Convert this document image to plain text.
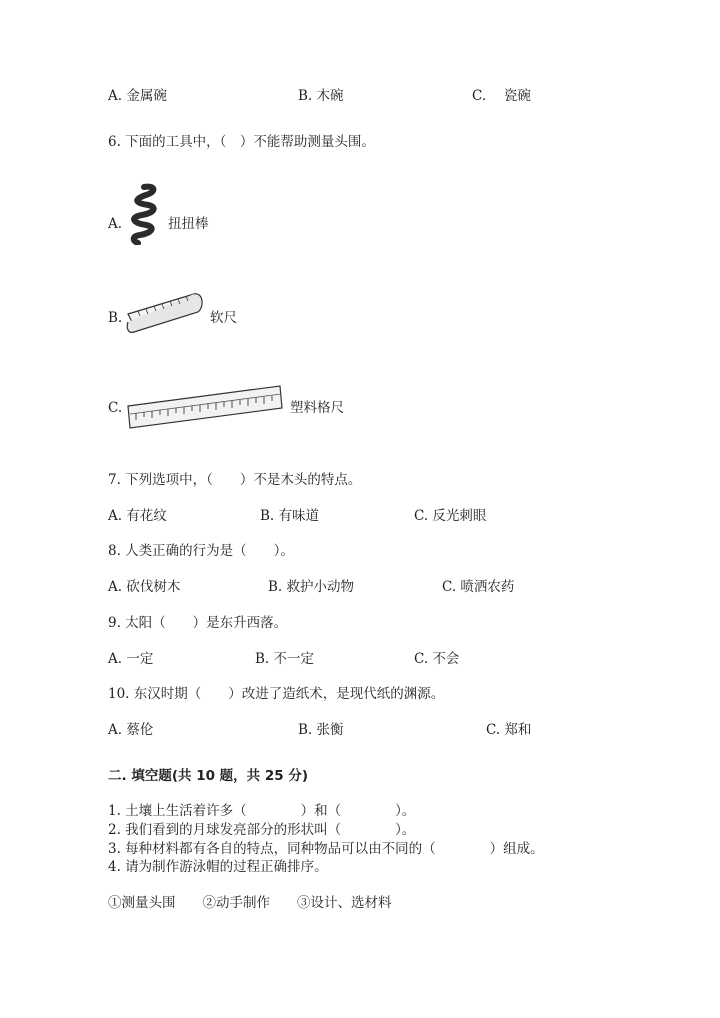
A. 金属碗	B. 木碗	C.　 瓷碗
6. 下面的工具中，（　）不能帮助测量头围。
A.	扭扭棒
B.	软尺
C.	塑料格尺
7. 下列选项中，（　　）不是木头的特点。
A. 有花纹	B. 有味道	C. 反光刺眼
8. 人类正确的行为是（　　）。
A. 砍伐树木	B. 救护小动物	C. 喷洒农药
9. 太阳（　　）是东升西落。
A. 一定	B. 不一定	C. 不会
10. 东汉时期（　　）改进了造纸术，是现代纸的渊源。
A. 蔡伦	B. 张衡	C. 郑和
二. 填空题(共 10 题，共 25 分)
1. 土壤上生活着许多（　　　　）和（　　　　）。
2. 我们看到的月球发亮部分的形状叫（　　　　）。
3. 每种材料都有各自的特点，同种物品可以由不同的（　　　　）组成。
4. 请为制作游泳帽的过程正确排序。
①测量头围　　②动手制作　　③设计、选材料
